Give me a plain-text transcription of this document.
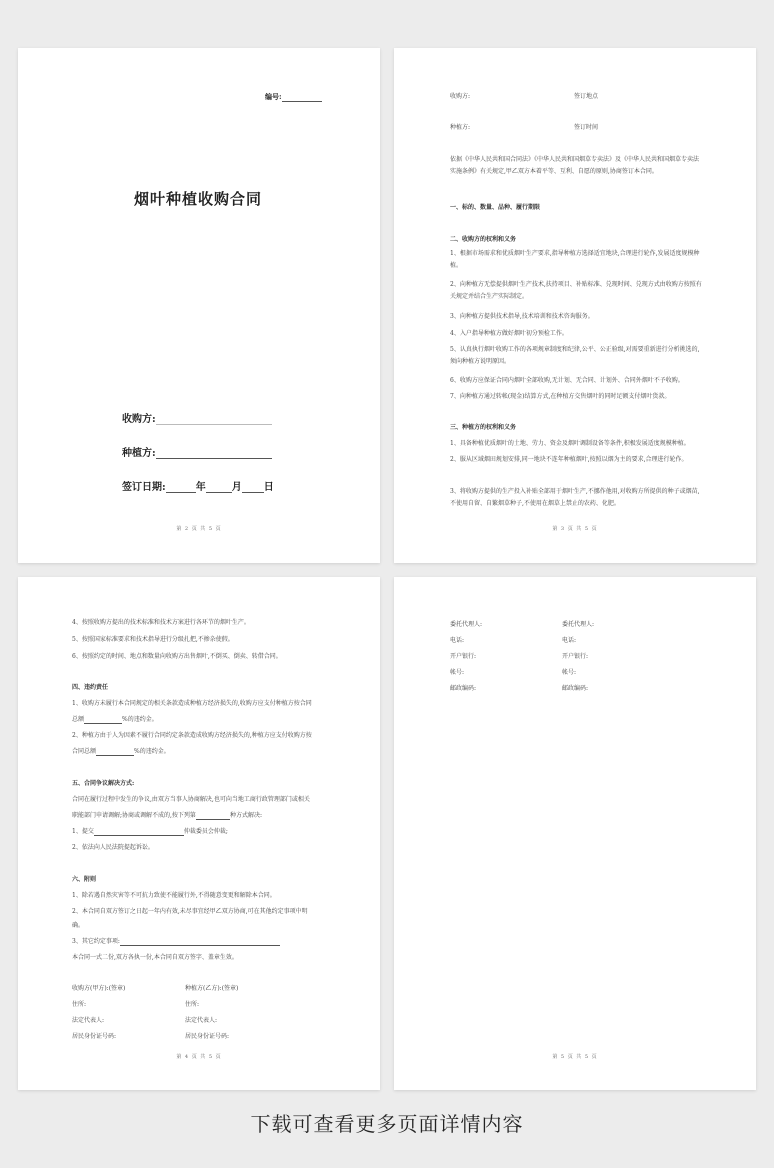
编号:
烟叶种植收购合同
收购方:
种植方:
签订日期:	年	月 日
第 2 页 共 5 页
收购方:	签订地点
种植方:	签订时间
依据《中华人民共和国合同法》《中华人民共和国烟草专卖法》及《中华人民共和国烟草专卖法实施条例》有关规定,甲乙双方本着平等、互利、自愿的原则,协商签订本合同。
一、标的、数量、品种、履行期限
二、收购方的权利和义务
1、根据市场需求和优质烟叶生产要求,指导种植方选择适宜地块,合理进行轮作,发展适度规模种植。
2、向种植方无偿提供烟叶生产技术,扶持项目、补贴标准、兑现时间、兑现方式由收购方按照有关规定并结合生产实际制定。
3、向种植方提供技术指导,技术培训和技术咨询服务。
4、入户指导种植方做好烟叶初分预检工作。
5、认真执行烟叶收购工作的各项规章制度和纪律,公平、公正验级,对需要重新进行分析挑选的,须向种植方说明原因。
6、收购方应保证合同内烟叶全部收购,无计划、无合同、计划外、合同外烟叶不予收购。
7、向种植方通过转帐(现金)结算方式,在种植方交售烟叶的同时足额支付烟叶货款。
三、种植方的权利和义务
1、具备种植优质烟叶的土地、劳力、资金及烟叶调制设备等条件,积极发展适度规模种植。
2、服从区域烟田规划安排,同一地块不连年种植烟叶,按照以烟为主的要求,合理进行轮作。
3、将收购方提供的生产投入补贴全部用于烟叶生产,不挪作他用,对收购方所提供的种子或烟苗,不使用自留、自繁烟草种子,不使用在烟草上禁止的农药、化肥。
第 3 页 共 5 页
4、按照收购方提出的技术标准和技术方案进行各环节的烟叶生产。
5、按照国家标准要求和技术指导进行分级扎把,不掺杂使假。
6、按照约定的时间、地点和数量向收购方出售烟叶,不倒买、倒卖、转借合同。
四、违约责任
1、收购方未履行本合同规定的相关条款造成种植方经济损失的,收购方应支付种植方按合同
总额	%的违约金。
2、种植方由于人为因素不履行合同约定条款造成收购方经济损失的,种植方应支付收购方按
合同总额	%的违约金。
五、合同争议解决方式:
合同在履行过程中发生的争议,由双方当事人协商解决,也可向当地工商行政管理部门或相关
职能部门申请调解;协商或调解不成的,按下列第	种方式解决:
1、提交	仲裁委员会仲裁;
2、依法向人民法院提起诉讼。
六、附则
1、除若遇自然灾害等不可抗力致使不能履行外,不得随意变更和解除本合同。
2、本合同自双方签订之日起一年内有效,未尽事宜经甲乙双方协商,可在其他约定事项中明
确。
3、其它约定事项:
本合同一式二份,双方各执一份,本合同自双方签字、盖章生效。
收购方(甲方):(签章)	种植方(乙方):(签章)
住所:	住所:
法定代表人:	法定代表人:
居民身份证号码:	居民身份证号码:
第 4 页 共 5 页
委托代理人:	委托代理人:
电话:	电话:
开户银行:	开户银行:
帐号:	帐号:
邮政编码:	邮政编码:
第 5 页 共 5 页
下载可查看更多页面详情内容
